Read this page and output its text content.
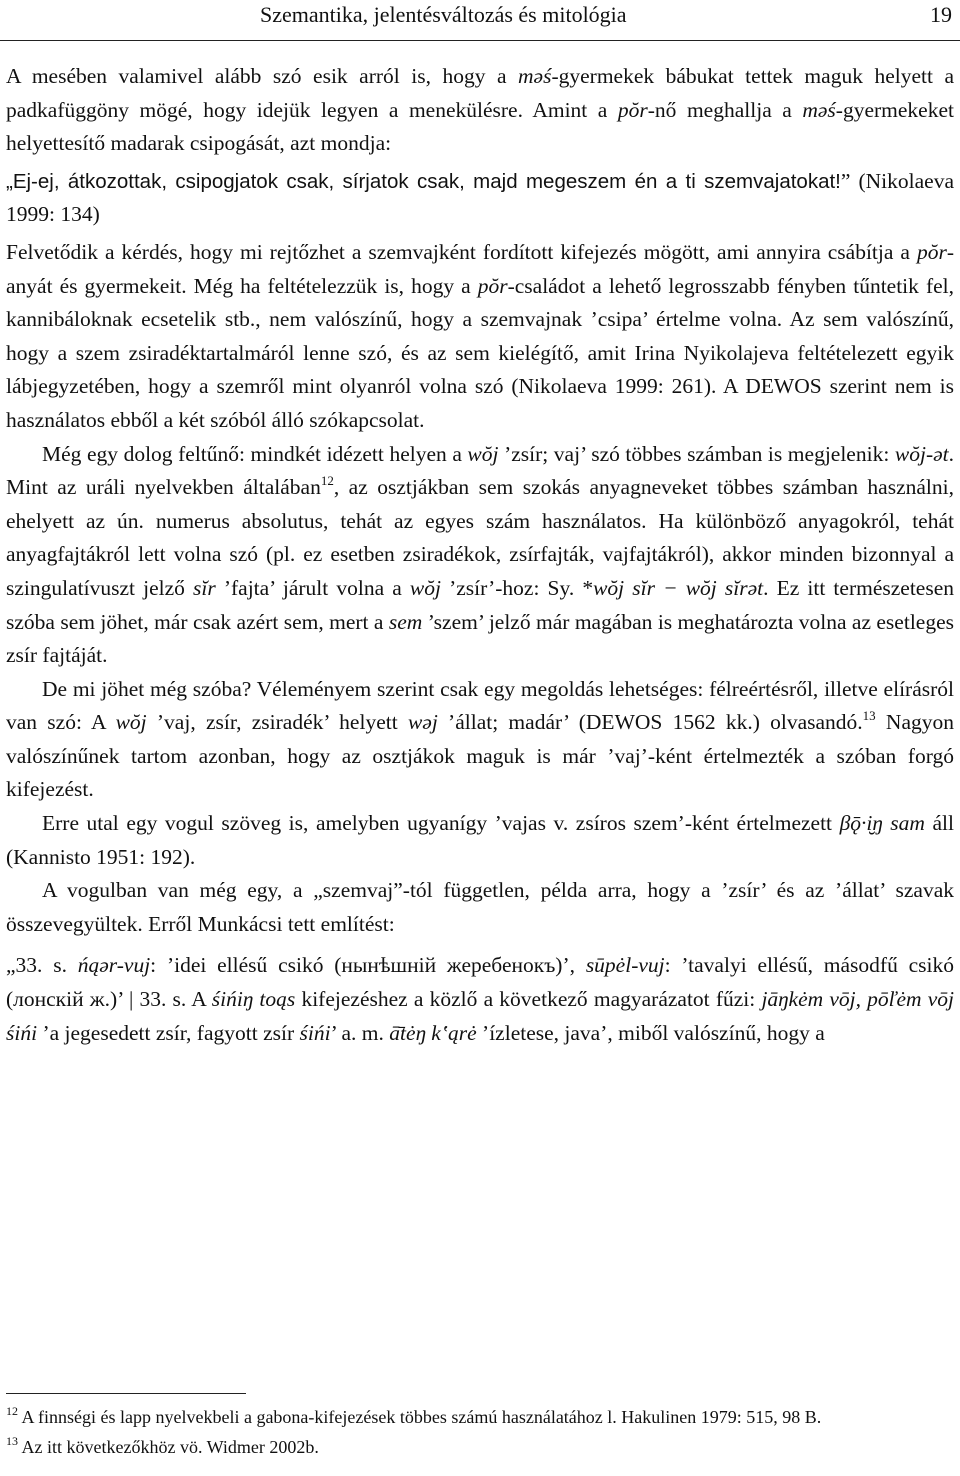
Szemantika, jelentésváltozás és mitológia	19

A mesében valamivel alább szó esik arról is, hogy a məś-gyermekek bábukat tettek maguk helyett a padkafüggöny mögé, hogy idejük legyen a menekülésre. Amint a pŏr-nő meghallja a məś-gyermekeket helyettesítő madarak csipogását, azt mondja:

„Ej-ej, átkozottak, csipogjatok csak, sírjatok csak, majd megeszem én a ti szemvajatokat!” (Nikolaeva 1999: 134)

Felvetődik a kérdés, hogy mi rejtőzhet a szemvajként fordított kifejezés mögött, ami annyira csábítja a pŏr-anyát és gyermekeit. Még ha feltételezzük is, hogy a pŏr-családot a lehető legrosszabb fényben tűntetik fel, kannibáloknak ecsetelik stb., nem valószínű, hogy a szemvajnak ’csipa’ értelme volna. Az sem valószínű, hogy a szem zsiradéktartalmáról lenne szó, és az sem kielégítő, amit Irina Nyikolajeva feltételezett egyik lábjegyzetében, hogy a szemről mint olyanról volna szó (Nikolaeva 1999: 261). A DEWOS szerint nem is használatos ebből a két szóból álló szókapcsolat.

Még egy dolog feltűnő: mindkét idézett helyen a wŏj ’zsír; vaj’ szó többes számban is megjelenik: wŏj-ət. Mint az uráli nyelvekben általában$^{12}$, az osztjákban sem szokás anyagneveket többes számban használni, ehelyett az ún. numerus absolutus, tehát az egyes szám használatos. Ha különböző anyagokról, tehát anyagfajtákról lett volna szó (pl. ez esetben zsiradékok, zsírfajták, vajfajtákról), akkor minden bizonnyal a szingulatívuszt jelző sĭr ’fajta’ járult volna a wŏj ’zsír’-hoz: Sy. *wŏj sĭr − wŏj sĭrət. Ez itt természetesen szóba sem jöhet, már csak azért sem, mert a sem ’szem’ jelző már magában is meghatározta volna az esetleges zsír fajtáját.

De mi jöhet még szóba? Véleményem szerint csak egy megoldás lehetséges: félreértésről, illetve elírásról van szó: A wŏj ’vaj, zsír, zsiradék’ helyett wəj ’állat; madár’ (DEWOS 1562 kk.) olvasandó.$^{13}$ Nagyon valószínűnek tartom azonban, hogy az osztjákok maguk is már ’vaj’-ként értelmezték a szóban forgó kifejezést.

Erre utal egy vogul szöveg is, amelyben ugyanígy ’vajas v. zsíros szem’-ként értelmezett βǭ·i̮ŋ sam áll (Kannisto 1951: 192).

A vogulban van még egy, a „szemvaj”-tól független, példa arra, hogy a ’zsír’ és az ’állat’ szavak összevegyültek. Erről Munkácsi tett említést:

„33. s. ńąər-vuj: ’idei ellésű csikó (нынѣшнiй жеребенокъ)’, sūpėl-vuj: ’tavalyi ellésű, másodfű csikó (лонскiй ж.)’ | 33. s. A śińiŋ toąs kifejezéshez a közlő a következő magyarázatot fűzi: jāŋkėm vōj, pōľėm vōj śińi ’a jegesedett zsír, fagyott zsír śińi’ a. m. ā̄tėŋ kʽąrė ’ízletese, java’, miből valószínű, hogy a

$^{12}$ A finnségi és lapp nyelvekbeli a gabona-kifejezések többes számú használatához l. Hakulinen 1979: 515, 98 B.

$^{13}$ Az itt következőkhöz vö. Widmer 2002b.
